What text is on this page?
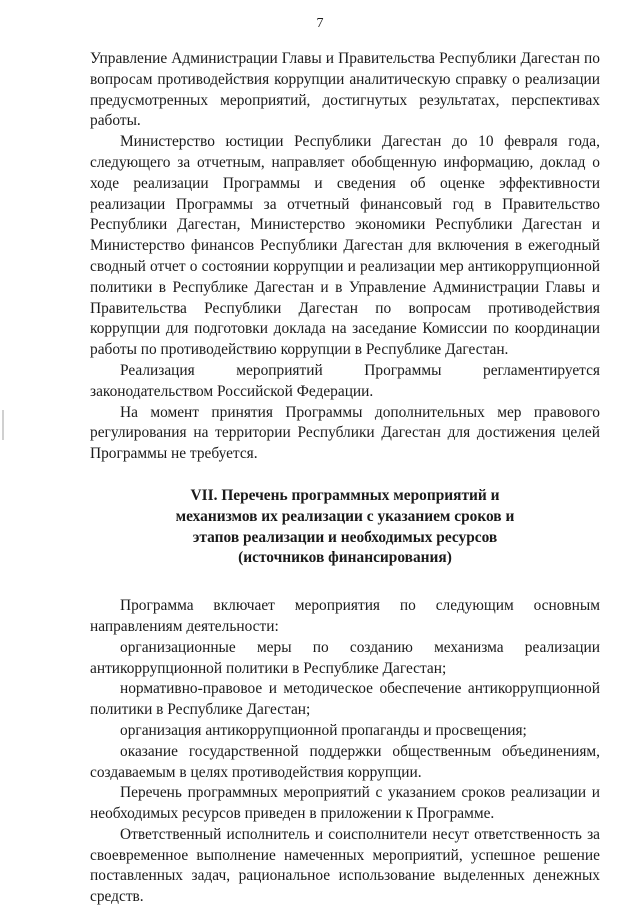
7

Управление Администрации Главы и Правительства Республики Дагестан по вопросам противодействия коррупции аналитическую справку о реализации предусмотренных мероприятий, достигнутых результатах, перспективах работы.

Министерство юстиции Республики Дагестан до 10 февраля года, следующего за отчетным, направляет обобщенную информацию, доклад о ходе реализации Программы и сведения об оценке эффективности реализации Программы за отчетный финансовый год в Правительство Республики Дагестан, Министерство экономики Республики Дагестан и Министерство финансов Республики Дагестан для включения в ежегодный сводный отчет о состоянии коррупции и реализации мер антикоррупционной политики в Республике Дагестан и в Управление Администрации Главы и Правительства Республики Дагестан по вопросам противодействия коррупции для подготовки доклада на заседание Комиссии по координации работы по противодействию коррупции в Республике Дагестан.

Реализация мероприятий Программы регламентируется законодательством Российской Федерации.

На момент принятия Программы дополнительных мер правового регулирования на территории Республики Дагестан для достижения целей Программы не требуется.

VII. Перечень программных мероприятий и
механизмов их реализации с указанием сроков и
этапов реализации и необходимых ресурсов
(источников финансирования)

Программа включает мероприятия по следующим основным направлениям деятельности:

организационные меры по созданию механизма реализации антикоррупционной политики в Республике Дагестан;

нормативно-правовое и методическое обеспечение антикоррупционной политики в Республике Дагестан;

организация антикоррупционной пропаганды и просвещения;

оказание государственной поддержки общественным объединениям, создаваемым в целях противодействия коррупции.

Перечень программных мероприятий с указанием сроков реализации и необходимых ресурсов приведен в приложении к Программе.

Ответственный исполнитель и соисполнители несут ответственность за своевременное выполнение намеченных мероприятий, успешное решение поставленных задач, рациональное использование выделенных денежных средств.
